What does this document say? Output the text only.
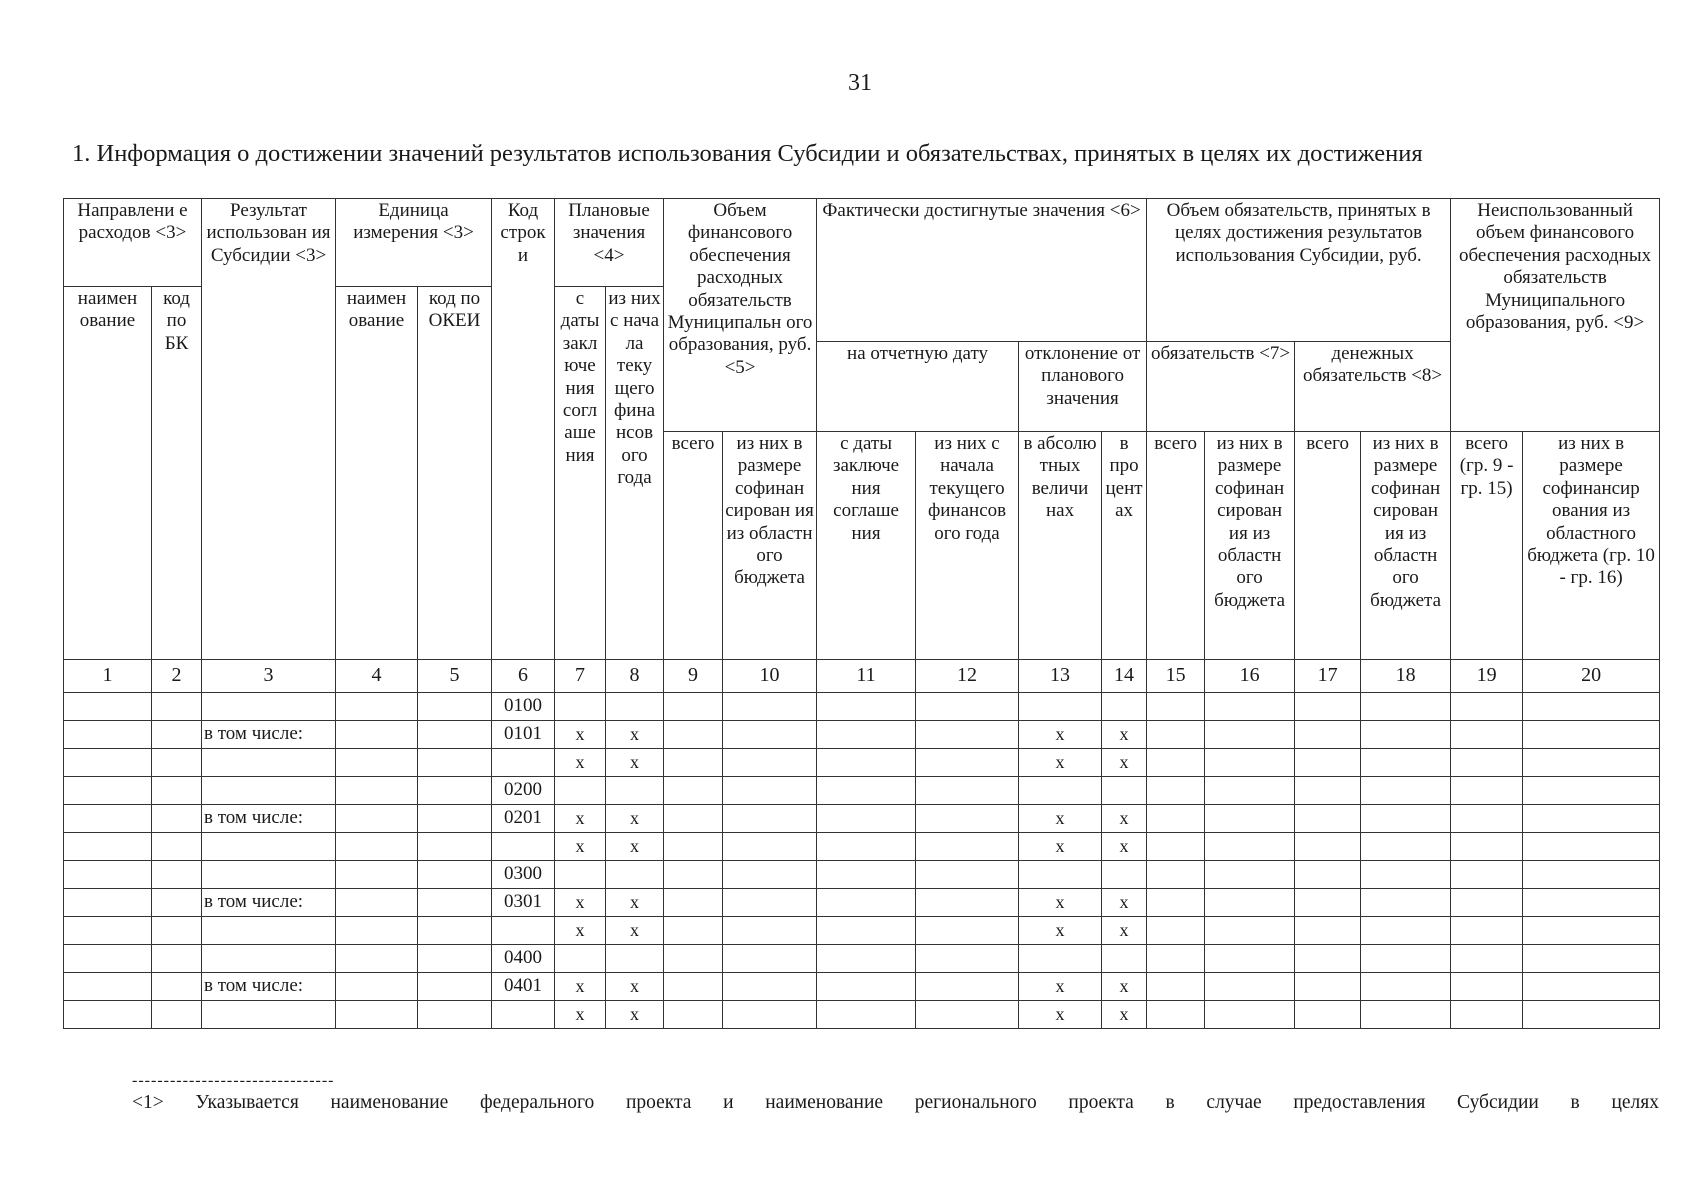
31
1. Информация о достижении значений результатов использования Субсидии и обязательствах, принятых в целях их достижения
Направлени е расходов <3>		Результат использован ия Субсидии <3>	Единица измерения <3>		Код строк и	Плановые значения <4>		Объем финансового обеспечения расходных обязательств Муниципальн ого образования, руб. <5>		Фактически достигнутые значения <6>				Объем обязательств, принятых в целях достижения результатов использования Субсидии, руб.				Неиспользованный объем финансового обеспечения расходных обязательств Муниципального образования, руб. <9>	
наимен ование	код по БК		наимен ование	код по ОКЕИ		с даты закл юче ния согл аше ния	из них с нача ла теку щего фина нсов ого года												
										на отчетную дату		отклонение от планового значения		обязательств <7>		денежных обязательств <8>			
								всего	из них в размере софинан сирован ия из областн ого бюджета	с даты заключе ния соглаше ния	из них с начала текущего финансов ого года	в абсолю тных величи нах	в про цент ах	всего	из них в размере софинан сирован ия из областн ого бюджета	всего	из них в размере софинан сирован ия из областн ого бюджета	всего (гр. 9 - гр. 15)	из них в размере софинансир ования из областного бюджета (гр. 10 - гр. 16)
1	2	3	4	5	6	7	8	9	10	11	12	13	14	15	16	17	18	19	20
					0100														
		в том числе:			0101	x	x					x	x						
						x	x					x	x						
					0200														
		в том числе:			0201	x	x					x	x						
						x	x					x	x						
					0300														
		в том числе:			0301	x	x					x	x						
						x	x					x	x						
					0400														
		в том числе:			0401	x	x					x	x						
						x	x					x	x						
--------------------------------
<1> Указывается наименование федерального проекта и наименование регионального проекта в случае предоставления Субсидии в целях
